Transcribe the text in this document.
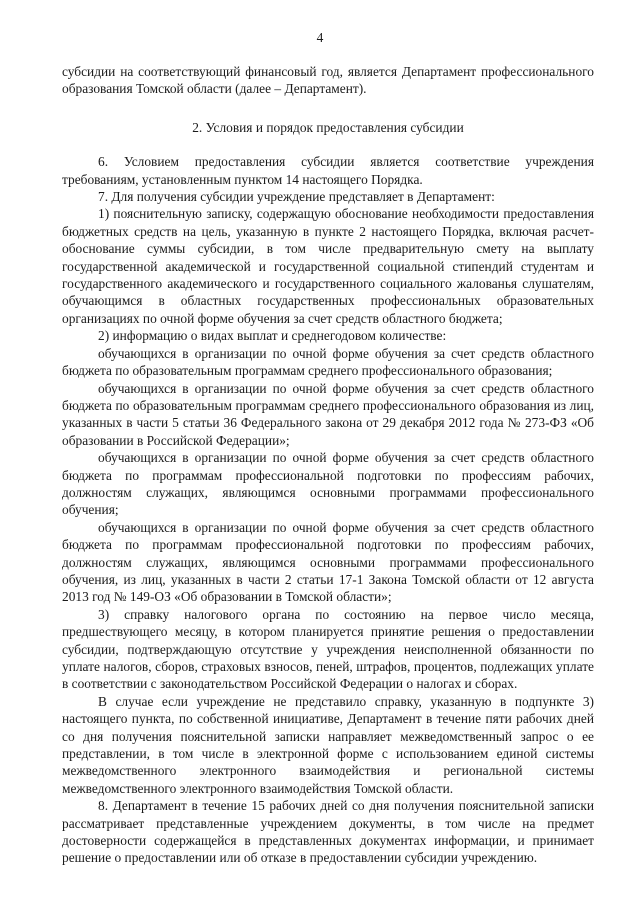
4

субсидии на соответствующий финансовый год, является Департамент профессионального образования Томской области (далее – Департамент).

2. Условия и порядок предоставления субсидии

6. Условием предоставления субсидии является соответствие учреждения требованиям, установленным пунктом 14 настоящего Порядка.

7. Для получения субсидии учреждение представляет в Департамент:

1) пояснительную записку, содержащую обоснование необходимости предоставления бюджетных средств на цель, указанную в пункте 2 настоящего Порядка, включая расчет-обоснование суммы субсидии, в том числе предварительную смету на выплату государственной академической и государственной социальной стипендий студентам и государственного академического и государственного социального жалованья слушателям, обучающимся в областных государственных профессиональных образовательных организациях по очной форме обучения за счет средств областного бюджета;

2) информацию о видах выплат и среднегодовом количестве:

обучающихся в организации по очной форме обучения за счет средств областного бюджета по образовательным программам среднего профессионального образования;

обучающихся в организации по очной форме обучения за счет средств областного бюджета по образовательным программам среднего профессионального образования из лиц, указанных в части 5 статьи 36 Федерального закона от 29 декабря 2012 года № 273-ФЗ «Об образовании в Российской Федерации»;

обучающихся в организации по очной форме обучения за счет средств областного бюджета по программам профессиональной подготовки по профессиям рабочих, должностям служащих, являющимся основными программами профессионального обучения;

обучающихся в организации по очной форме обучения за счет средств областного бюджета по программам профессиональной подготовки по профессиям рабочих, должностям служащих, являющимся основными программами профессионального обучения, из лиц, указанных в части 2 статьи 17-1 Закона Томской области от 12 августа 2013 год № 149-ОЗ «Об образовании в Томской области»;

3) справку налогового органа по состоянию на первое число месяца, предшествующего месяцу, в котором планируется принятие решения о предоставлении субсидии, подтверждающую отсутствие у учреждения неисполненной обязанности по уплате налогов, сборов, страховых взносов, пеней, штрафов, процентов, подлежащих уплате в соответствии с законодательством Российской Федерации о налогах и сборах.

В случае если учреждение не представило справку, указанную в подпункте 3) настоящего пункта, по собственной инициативе, Департамент в течение пяти рабочих дней со дня получения пояснительной записки направляет межведомственный запрос о ее представлении, в том числе в электронной форме с использованием единой системы межведомственного электронного взаимодействия и региональной системы межведомственного электронного взаимодействия Томской области.

8. Департамент в течение 15 рабочих дней со дня получения пояснительной записки рассматривает представленные учреждением документы, в том числе на предмет достоверности содержащейся в представленных документах информации, и принимает решение о предоставлении или об отказе в предоставлении субсидии учреждению.
